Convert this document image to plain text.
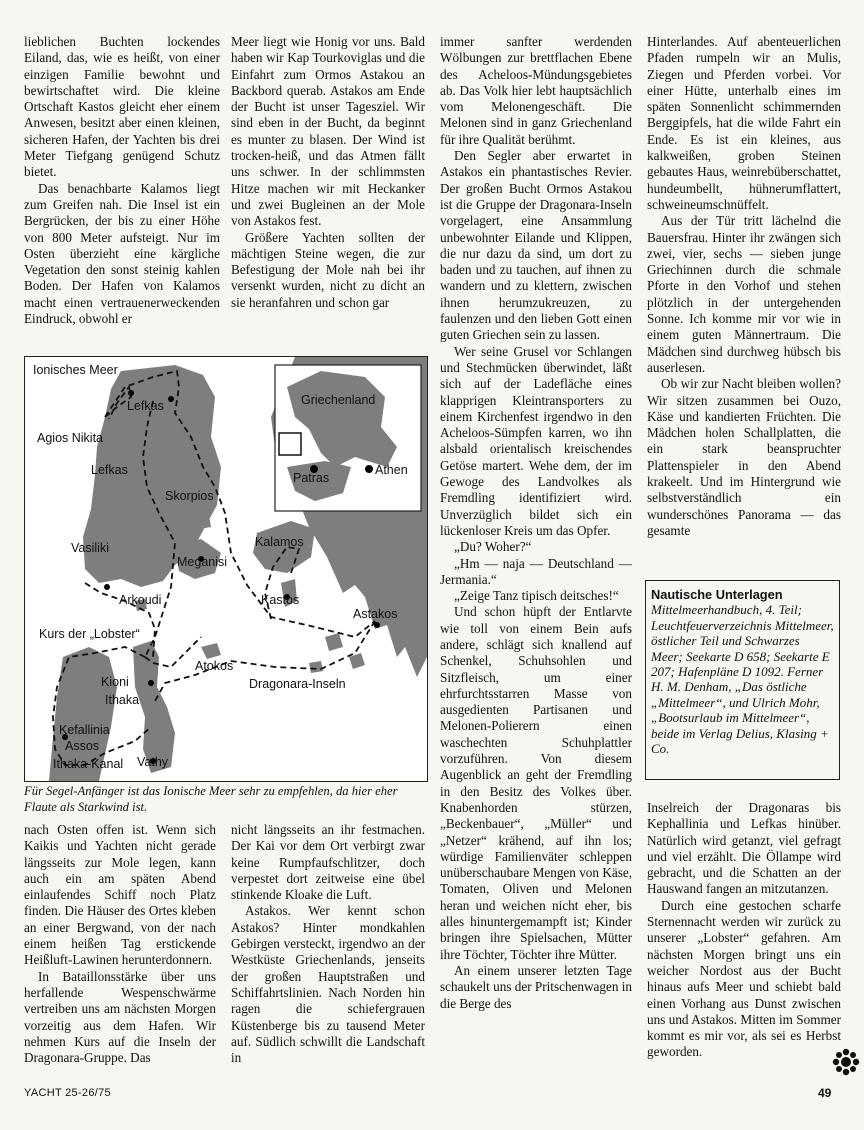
lieblichen Buchten lockendes Eiland, das, wie es heißt, von einer einzigen Familie bewohnt und bewirtschaftet wird. Die kleine Ortschaft Kastos gleicht eher einem Anwesen, besitzt aber einen kleinen, sicheren Hafen, der Yachten bis drei Meter Tiefgang genügend Schutz bietet.

Das benachbarte Kalamos liegt zum Greifen nah. Die Insel ist ein Bergrücken, der bis zu einer Höhe von 800 Meter aufsteigt. Nur im Osten überzieht eine kärgliche Vegetation den sonst steinig kahlen Boden. Der Hafen von Kalamos macht einen vertrauenerweckenden Eindruck, obwohl er

Meer liegt wie Honig vor uns. Bald haben wir Kap Tourkoviglas und die Einfahrt zum Ormos Astakou an Backbord querab. Astakos am Ende der Bucht ist unser Tagesziel. Wir sind eben in der Bucht, da beginnt es munter zu blasen. Der Wind ist trocken-heiß, und das Atmen fällt uns schwer. In der schlimmsten Hitze machen wir mit Heckanker und zwei Bugleinen an der Mole von Astakos fest.

Größere Yachten sollten der mächtigen Steine wegen, die zur Befestigung der Mole nah bei ihr versenkt wurden, nicht zu dicht an sie heranfahren und schon gar

immer sanfter werdenden Wölbungen zur brettflachen Ebene des Acheloos-Mündungsgebietes ab. Das Volk hier lebt hauptsächlich vom Melonengeschäft. Die Melonen sind in ganz Griechenland für ihre Qualität berühmt.

Den Segler aber erwartet in Astakos ein phantastisches Revier. Der großen Bucht Ormos Astakou ist die Gruppe der Dragonara-Inseln vorgelagert, eine Ansammlung unbewohnter Eilande und Klippen, die nur dazu da sind, um dort zu baden und zu tauchen, auf ihnen zu wandern und zu klettern, zwischen ihnen herumzukreuzen, zu faulenzen und den lieben Gott einen guten Griechen sein zu lassen.

Wer seine Grusel vor Schlangen und Stechmücken überwindet, läßt sich auf der Ladefläche eines klapprigen Kleintransporters zu einem Kirchenfest irgendwo in den Acheloos-Sümpfen karren, wo ihn alsbald orientalisch kreischendes Getöse martert. Wehe dem, der im Gewoge des Landvolkes als Fremdling identifiziert wird. Unverzüglich bildet sich ein lückenloser Kreis um das Opfer.

„Du? Woher?“

„Hm — naja — Deutschland — Jermania.“

„Zeige Tanz tipisch deitsches!“

Und schon hüpft der Entlarvte wie toll von einem Bein aufs andere, schlägt sich knallend auf Schenkel, Schuhsohlen und Sitzfleisch, um einer ehrfurchtsstarren Masse von ausgedienten Partisanen und Melonen-Polierern einen waschechten Schuhplattler vorzuführen. Von diesem Augenblick an geht der Fremdling in den Besitz des Volkes über. Knabenhorden stürzen, „Beckenbauer“, „Müller“ und „Netzer“ krähend, auf ihn los; würdige Familienväter schleppen unüberschaubare Mengen von Käse, Tomaten, Oliven und Melonen heran und weichen nicht eher, bis alles hinuntergemampft ist; Kinder bringen ihre Spielsachen, Mütter ihre Töchter, Töchter ihre Mütter.

An einem unserer letzten Tage schaukelt uns der Pritschenwagen in die Berge des

Hinterlandes. Auf abenteuerlichen Pfaden rumpeln wir an Mulis, Ziegen und Pferden vorbei. Vor einer Hütte, unterhalb eines im späten Sonnenlicht schimmernden Berggipfels, hat die wilde Fahrt ein Ende. Es ist ein kleines, aus kalkweißen, groben Steinen gebautes Haus, weinrebüberschattet, hundeumbellt, hühnerumflattert, schweineumschnüffelt.

Aus der Tür tritt lächelnd die Bauersfrau. Hinter ihr zwängen sich zwei, vier, sechs — sieben junge Griechinnen durch die schmale Pforte in den Vorhof und stehen plötzlich in der untergehenden Sonne. Ich komme mir vor wie in einem guten Männertraum. Die Mädchen sind durchweg hübsch bis auserlesen.

Ob wir zur Nacht bleiben wollen? Wir sitzen zusammen bei Ouzo, Käse und kandierten Früchten. Die Mädchen holen Schallplatten, die ein stark beanspruchter Plattenspieler in den Abend krakeelt. Und im Hintergrund wie selbstverständlich ein wunderschönes Panorama — das gesamte

Nautische Unterlagen
Mittelmeerhandbuch, 4. Teil; Leuchtfeuerverzeichnis Mittelmeer, östlicher Teil und Schwarzes Meer; Seekarte D 658; Seekarte E 207; Hafenpläne D 1092. Ferner H. M. Denham, „Das östliche „Mittelmeer“, und Ulrich Mohr, „Bootsurlaub im Mittelmeer“, beide im Verlag Delius, Klasing + Co.
Ionisches Meer
Lefkas
Agios Nikita
Lefkas
Skorpios
Vasiliki
Meganisi
Arkoudi
Kurs der „Lobster“
Kalamos
Kastos
Astakos
Atokos
Kioni
Ithaka
Dragonara-Inseln
Kefallinia
Assos
Ithaka-Kanal Vathy
Griechenland
Patras
Athen
Für Segel-Anfänger ist das Ionische Meer sehr zu empfehlen, da hier eher Flaute als Starkwind ist.

nach Osten offen ist. Wenn sich Kaikis und Yachten nicht gerade längsseits zur Mole legen, kann auch ein am späten Abend einlaufendes Schiff noch Platz finden. Die Häuser des Ortes kleben an einer Bergwand, von der nach einem heißen Tag erstickende Heißluft-Lawinen herunterdonnern.

In Bataillonsstärke über uns herfallende Wespenschwärme vertreiben uns am nächsten Morgen vorzeitig aus dem Hafen. Wir nehmen Kurs auf die Inseln der Dragonara-Gruppe. Das

nicht längsseits an ihr festmachen. Der Kai vor dem Ort verbirgt zwar keine Rumpfaufschlitzer, doch verpestet dort zeitweise eine übel stinkende Kloake die Luft.

Astakos. Wer kennt schon Astakos? Hinter mondkahlen Gebirgen versteckt, irgendwo an der Westküste Griechenlands, jenseits der großen Hauptstraßen und Schiffahrtslinien. Nach Norden hin ragen die schiefergrauen Küstenberge bis zu tausend Meter auf. Südlich schwillt die Landschaft in

Inselreich der Dragonaras bis Kephallinia und Lefkas hinüber. Natürlich wird getanzt, viel gefragt und viel erzählt. Die Öllampe wird gebracht, und die Schatten an der Hauswand fangen an mitzutanzen.

Durch eine gestochen scharfe Sternennacht werden wir zurück zu unserer „Lobster“ gefahren. Am nächsten Morgen bringt uns ein weicher Nordost aus der Bucht hinaus aufs Meer und schiebt bald einen Vorhang aus Dunst zwischen uns und Astakos. Mitten im Sommer kommt es mir vor, als sei es Herbst geworden.

YACHT 25-26/75	49
